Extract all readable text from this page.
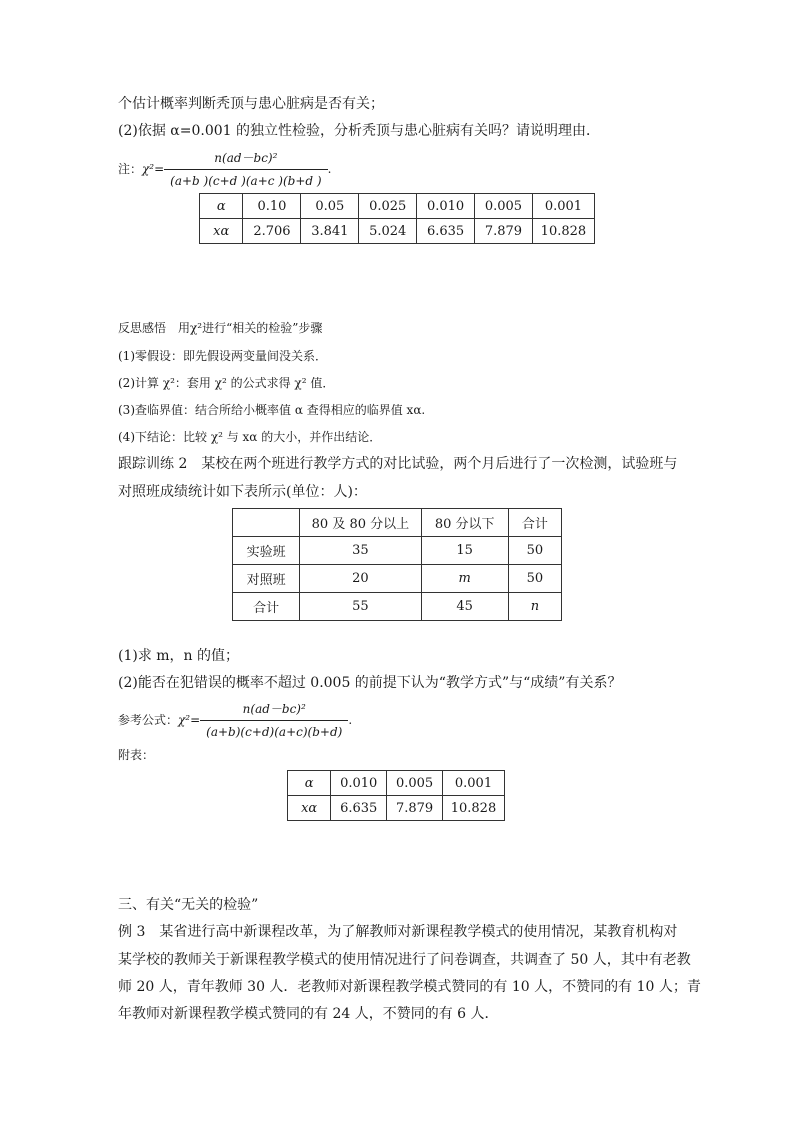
个估计概率判断秃顶与患心脏病是否有关；
(2)依据 α=0.001 的独立性检验，分析秃顶与患心脏病有关吗？请说明理由．
注：$\chi^2= \frac{\text{n(ad－bc)²}}{(a+b )(c+d )(a+c )(b+d )}$ .
α	0.10	0.05	0.025	0.010	0.005	0.001
xα	2.706	3.841	5.024	6.635	7.879	10.828
反思感悟　用χ²进行“相关的检验”步骤
(1)零假设：即先假设两变量间没关系．
(2)计算 χ²：套用 χ² 的公式求得 χ² 值．
(3)查临界值：结合所给小概率值 α 查得相应的临界值 xα.
(4)下结论：比较 χ² 与 xα 的大小，并作出结论．
跟踪训练 2　某校在两个班进行教学方式的对比试验，两个月后进行了一次检测，试验班与
对照班成绩统计如下表所示(单位：人)：
	80 及 80 分以上	80 分以下	合计
实验班	35	15	50
对照班	20	m	50
合计	55	45	n
(1)求 m，n 的值；
(2)能否在犯错误的概率不超过 0.005 的前提下认为“教学方式”与“成绩”有关系？
参考公式：$\chi^2= \frac{\text{n(ad－bc)²}}{(a+b)(c+d)(a+c)(b+d)}$ .
附表：
α	0.010	0.005	0.001
xα	6.635	7.879	10.828
三、有关“无关的检验”
例 3　某省进行高中新课程改革，为了解教师对新课程教学模式的使用情况，某教育机构对
某学校的教师关于新课程教学模式的使用情况进行了问卷调查，共调查了 50 人，其中有老教
师 20 人，青年教师 30 人．老教师对新课程教学模式赞同的有 10 人，不赞同的有 10 人；青
年教师对新课程教学模式赞同的有 24 人，不赞同的有 6 人．
